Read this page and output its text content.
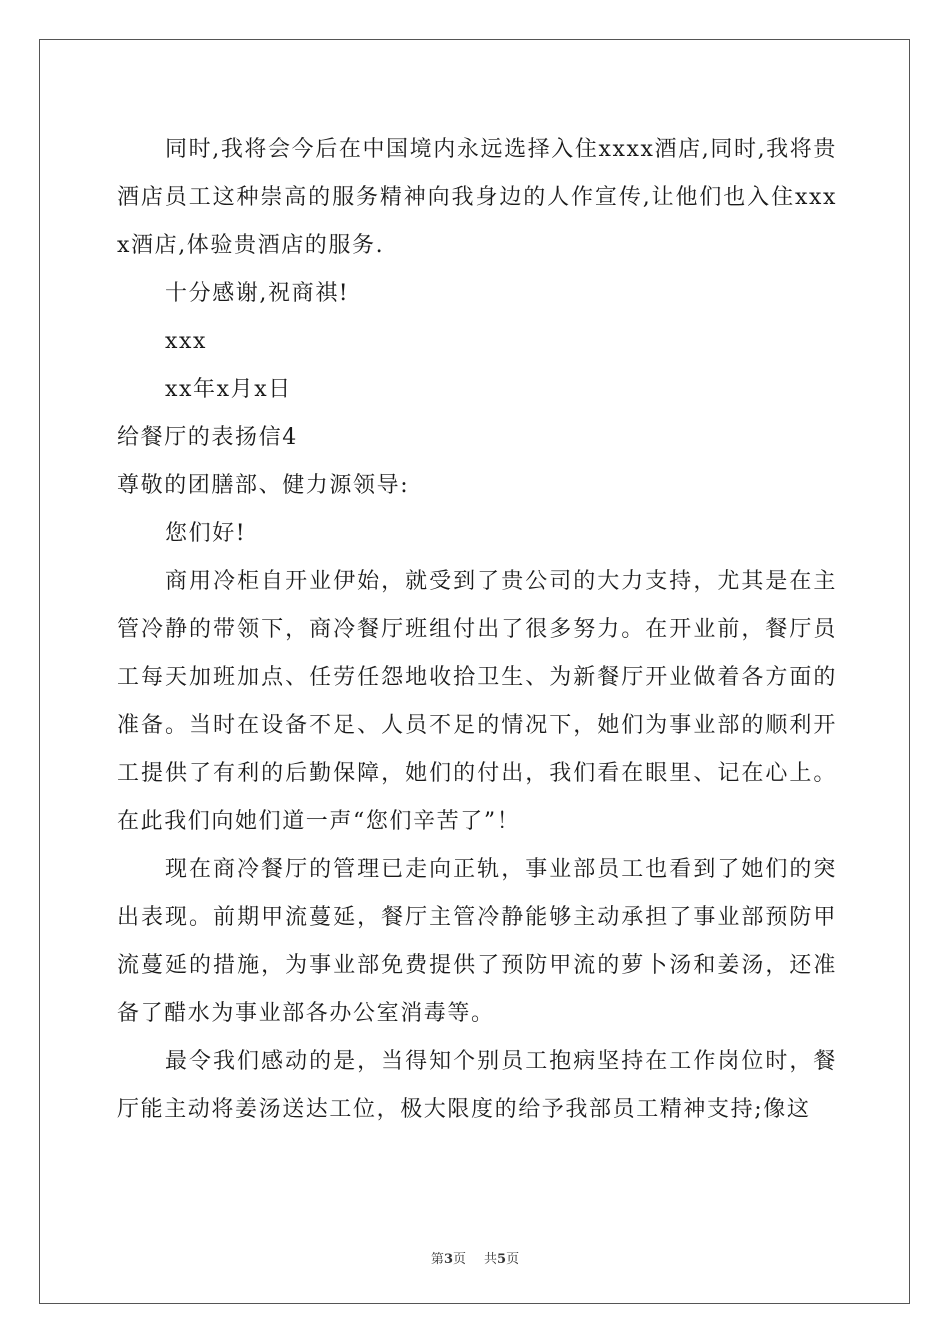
同时,我将会今后在中国境内永远选择入住xxxx酒店,同时,我将贵酒店员工这种崇高的服务精神向我身边的人作宣传,让他们也入住xxxx酒店,体验贵酒店的服务.

十分感谢,祝商祺!

xxx

xx年x月x日

给餐厅的表扬信4

尊敬的团膳部、健力源领导:

您们好!

商用冷柜自开业伊始，就受到了贵公司的大力支持，尤其是在主管冷静的带领下，商冷餐厅班组付出了很多努力。在开业前，餐厅员工每天加班加点、任劳任怨地收拾卫生、为新餐厅开业做着各方面的准备。当时在设备不足、人员不足的情况下，她们为事业部的顺利开工提供了有利的后勤保障，她们的付出，我们看在眼里、记在心上。在此我们向她们道一声“您们辛苦了”！

现在商冷餐厅的管理已走向正轨，事业部员工也看到了她们的突出表现。前期甲流蔓延，餐厅主管冷静能够主动承担了事业部预防甲流蔓延的措施，为事业部免费提供了预防甲流的萝卜汤和姜汤，还准备了醋水为事业部各办公室消毒等。

最令我们感动的是，当得知个别员工抱病坚持在工作岗位时，餐厅能主动将姜汤送达工位，极大限度的给予我部员工精神支持;像这

第3页 共5页
